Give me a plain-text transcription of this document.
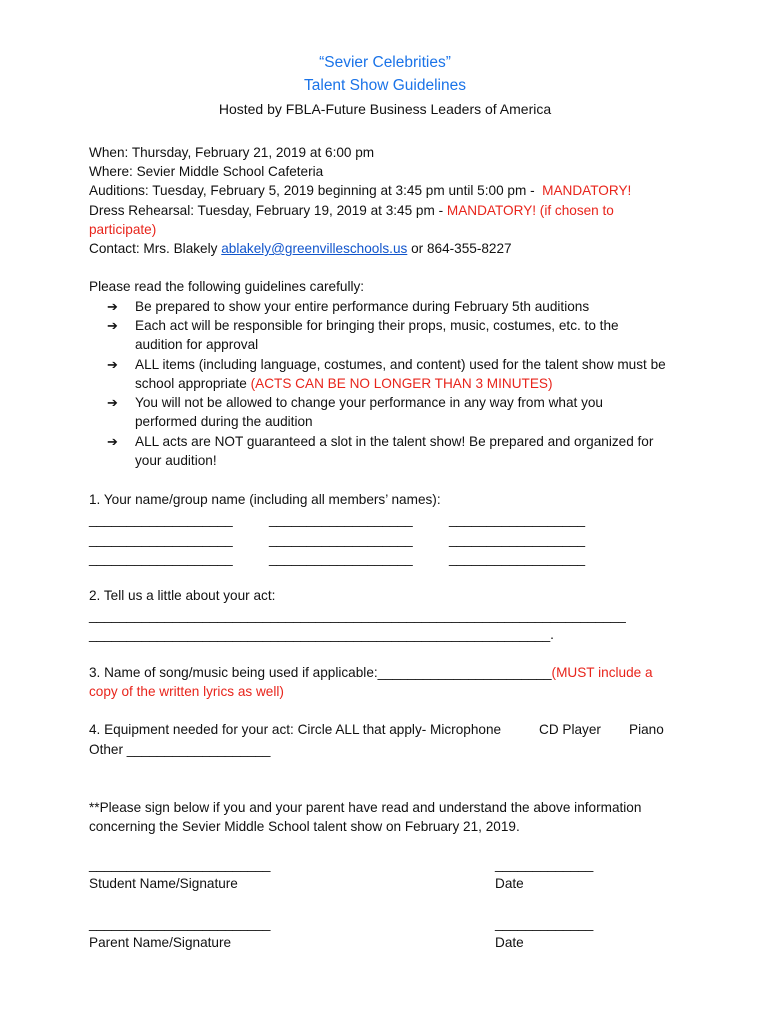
“Sevier Celebrities”
Talent Show Guidelines
Hosted by FBLA-Future Business Leaders of America
When: Thursday, February 21, 2019 at 6:00 pm
Where: Sevier Middle School Cafeteria
Auditions: Tuesday, February 5, 2019 beginning at 3:45 pm until 5:00 pm - MANDATORY!
Dress Rehearsal: Tuesday, February 19, 2019 at 3:45 pm - MANDATORY! (if chosen to
participate)
Contact: Mrs. Blakely ablakely@greenvilleschools.us or 864-355-8227
Please read the following guidelines carefully:
➔ Be prepared to show your entire performance during February 5th auditions
➔ Each act will be responsible for bringing their props, music, costumes, etc. to the
audition for approval
➔ ALL items (including language, costumes, and content) used for the talent show must be
school appropriate (ACTS CAN BE NO LONGER THAN 3 MINUTES)
➔ You will not be allowed to change your performance in any way from what you
performed during the audition
➔ ALL acts are NOT guaranteed a slot in the talent show! Be prepared and organized for
your audition!
1. Your name/group name (including all members’ names):
___________________	___________________	__________________
___________________	___________________	__________________
___________________	___________________	__________________
2. Tell us a little about your act:
_______________________________________________________________________
_____________________________________________________________.
3. Name of song/music being used if applicable:_______________________(MUST include a
copy of the written lyrics as well)
4. Equipment needed for your act: Circle ALL that apply- Microphone	CD Player Piano
Other ___________________
**Please sign below if you and your parent have read and understand the above information
concerning the Sevier Middle School talent show on February 21, 2019.
________________________	_____________
Student Name/Signature	Date
________________________	_____________
Parent Name/Signature	Date
